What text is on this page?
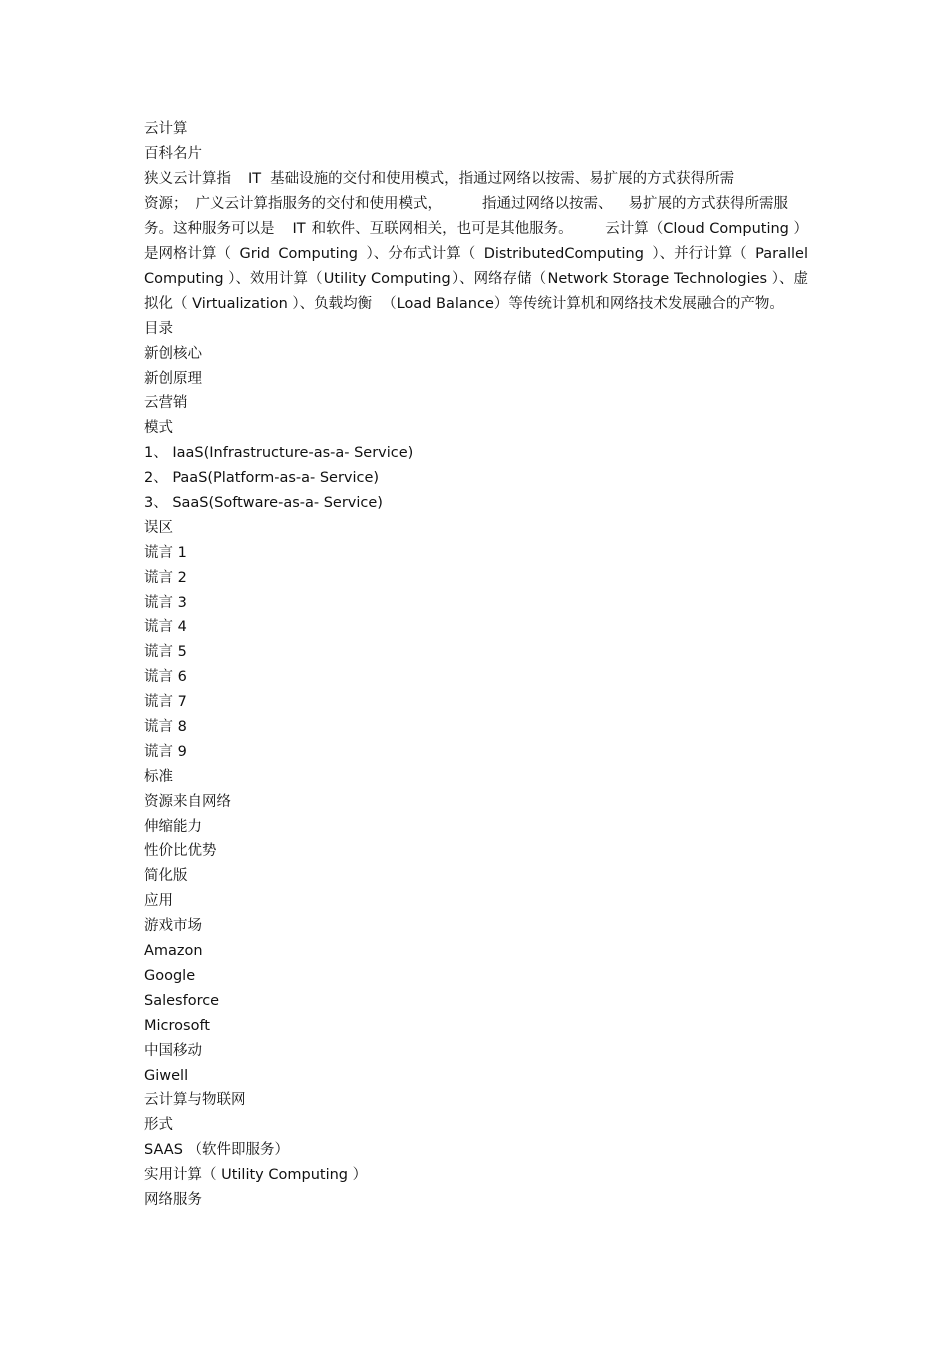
云计算
百科名片
狭义云计算指 IT 基础设施的交付和使用模式，指通过网络以按需、易扩展的方式获得所需
资源； 广义云计算指服务的交付和使用模式，	指通过网络以按需、 易扩展的方式获得所需服
务。这种服务可以是 IT 和软件、互联网相关，也可是其他服务。 云计算（Cloud Computing ）
是网格计算（ Grid Computing ）、分布式计算（ DistributedComputing ）、并行计算（ Parallel
Computing ）、效用计算（ Utility Computing ）、网络存储（ Network Storage Technologies ）、虚
拟化（ Virtualization ）、负载均衡 （Load Balance）等传统计算机和网络技术发展融合的产物。
目录
新创核心
新创原理
云营销
模式
1、 IaaS(Infrastructure-as-a- Service)
2、 PaaS(Platform-as-a- Service)
3、 SaaS(Software-as-a- Service)
误区
谎言 1
谎言 2
谎言 3
谎言 4
谎言 5
谎言 6
谎言 7
谎言 8
谎言 9
标准
资源来自网络
伸缩能力
性价比优势
简化版
应用
游戏市场
Amazon
Google
Salesforce
Microsoft
中国移动
Giwell
云计算与物联网
形式
SAAS （软件即服务）
实用计算（ Utility Computing ）
网络服务
